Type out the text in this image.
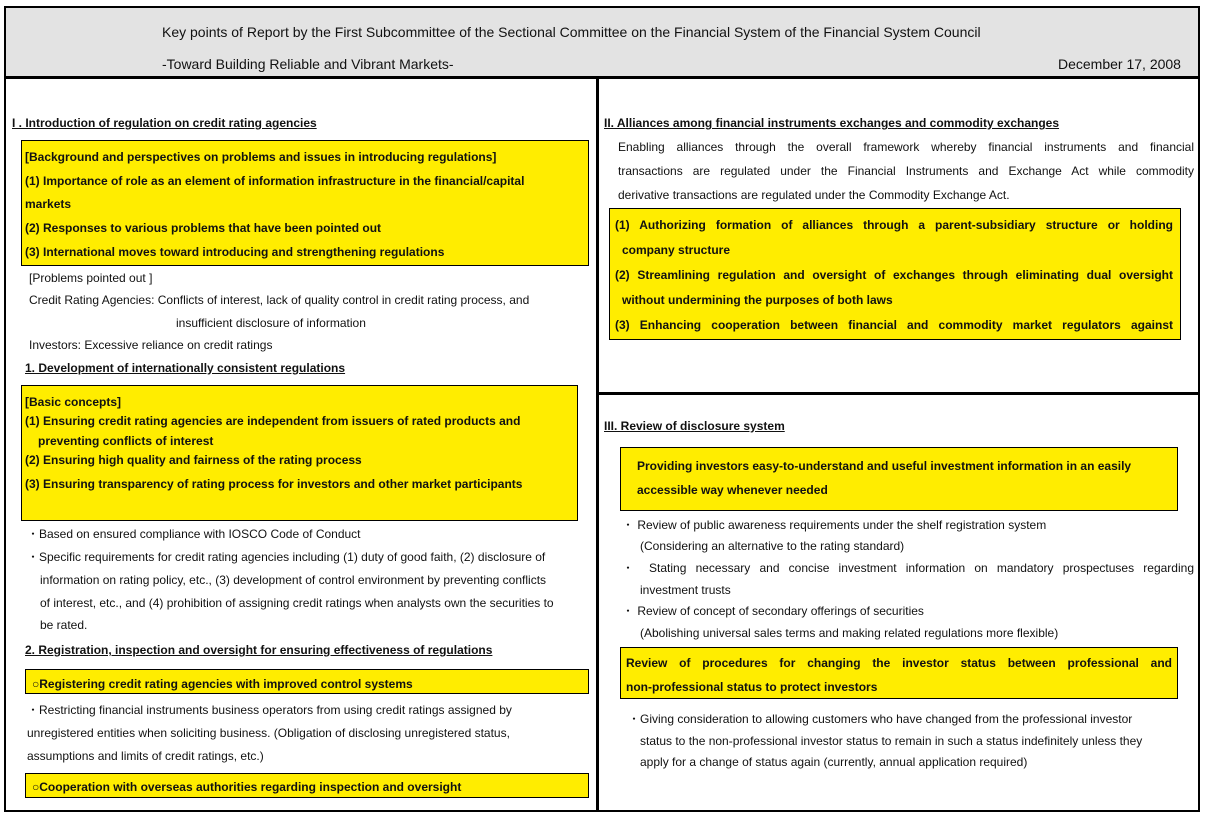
Key points of Report by the First Subcommittee of the Sectional Committee on the Financial System of the Financial System Council
-Toward Building Reliable and Vibrant Markets-	December 17, 2008
I . Introduction of regulation on credit rating agencies
[Background and perspectives on problems and issues in introducing regulations]
(1) Importance of role as an element of information infrastructure in the financial/capital
markets
(2) Responses to various problems that have been pointed out
(3) International moves toward introducing and strengthening regulations
[Problems pointed out ]
Credit Rating Agencies: Conflicts of interest, lack of quality control in credit rating process, and
insufficient disclosure of information
Investors: Excessive reliance on credit ratings
1. Development of internationally consistent regulations
[Basic concepts]
(1) Ensuring credit rating agencies are independent from issuers of rated products and
preventing conflicts of interest
(2) Ensuring high quality and fairness of the rating process
(3) Ensuring transparency of rating process for investors and other market participants
・Based on ensured compliance with IOSCO Code of Conduct
・Specific requirements for credit rating agencies including (1) duty of good faith, (2) disclosure of
information on rating policy, etc., (3) development of control environment by preventing conflicts
of interest, etc., and (4) prohibition of assigning credit ratings when analysts own the securities to
be rated.
2. Registration, inspection and oversight for ensuring effectiveness of regulations
○Registering credit rating agencies with improved control systems
・Restricting financial instruments business operators from using credit ratings assigned by
unregistered entities when soliciting business. (Obligation of disclosing unregistered status,
assumptions and limits of credit ratings, etc.)
○Cooperation with overseas authorities regarding inspection and oversight
II. Alliances among financial instruments exchanges and commodity exchanges
Enabling alliances through the overall framework whereby financial instruments and financial
transactions are regulated under the Financial Instruments and Exchange Act while commodity
derivative transactions are regulated under the Commodity Exchange Act.
(1) Authorizing formation of alliances through a parent-subsidiary structure or holding
company structure
(2) Streamlining regulation and oversight of exchanges through eliminating dual oversight
without undermining the purposes of both laws
(3) Enhancing cooperation between financial and commodity market regulators against
III. Review of disclosure system
Providing investors easy-to-understand and useful investment information in an easily
accessible way whenever needed
・ Review of public awareness requirements under the shelf registration system
(Considering an alternative to the rating standard)
・ Stating necessary and concise investment information on mandatory prospectuses regarding
investment trusts
・ Review of concept of secondary offerings of securities
(Abolishing universal sales terms and making related regulations more flexible)
Review of procedures for changing the investor status between professional and
non-professional status to protect investors
・Giving consideration to allowing customers who have changed from the professional investor
status to the non-professional investor status to remain in such a status indefinitely unless they
apply for a change of status again (currently, annual application required)
